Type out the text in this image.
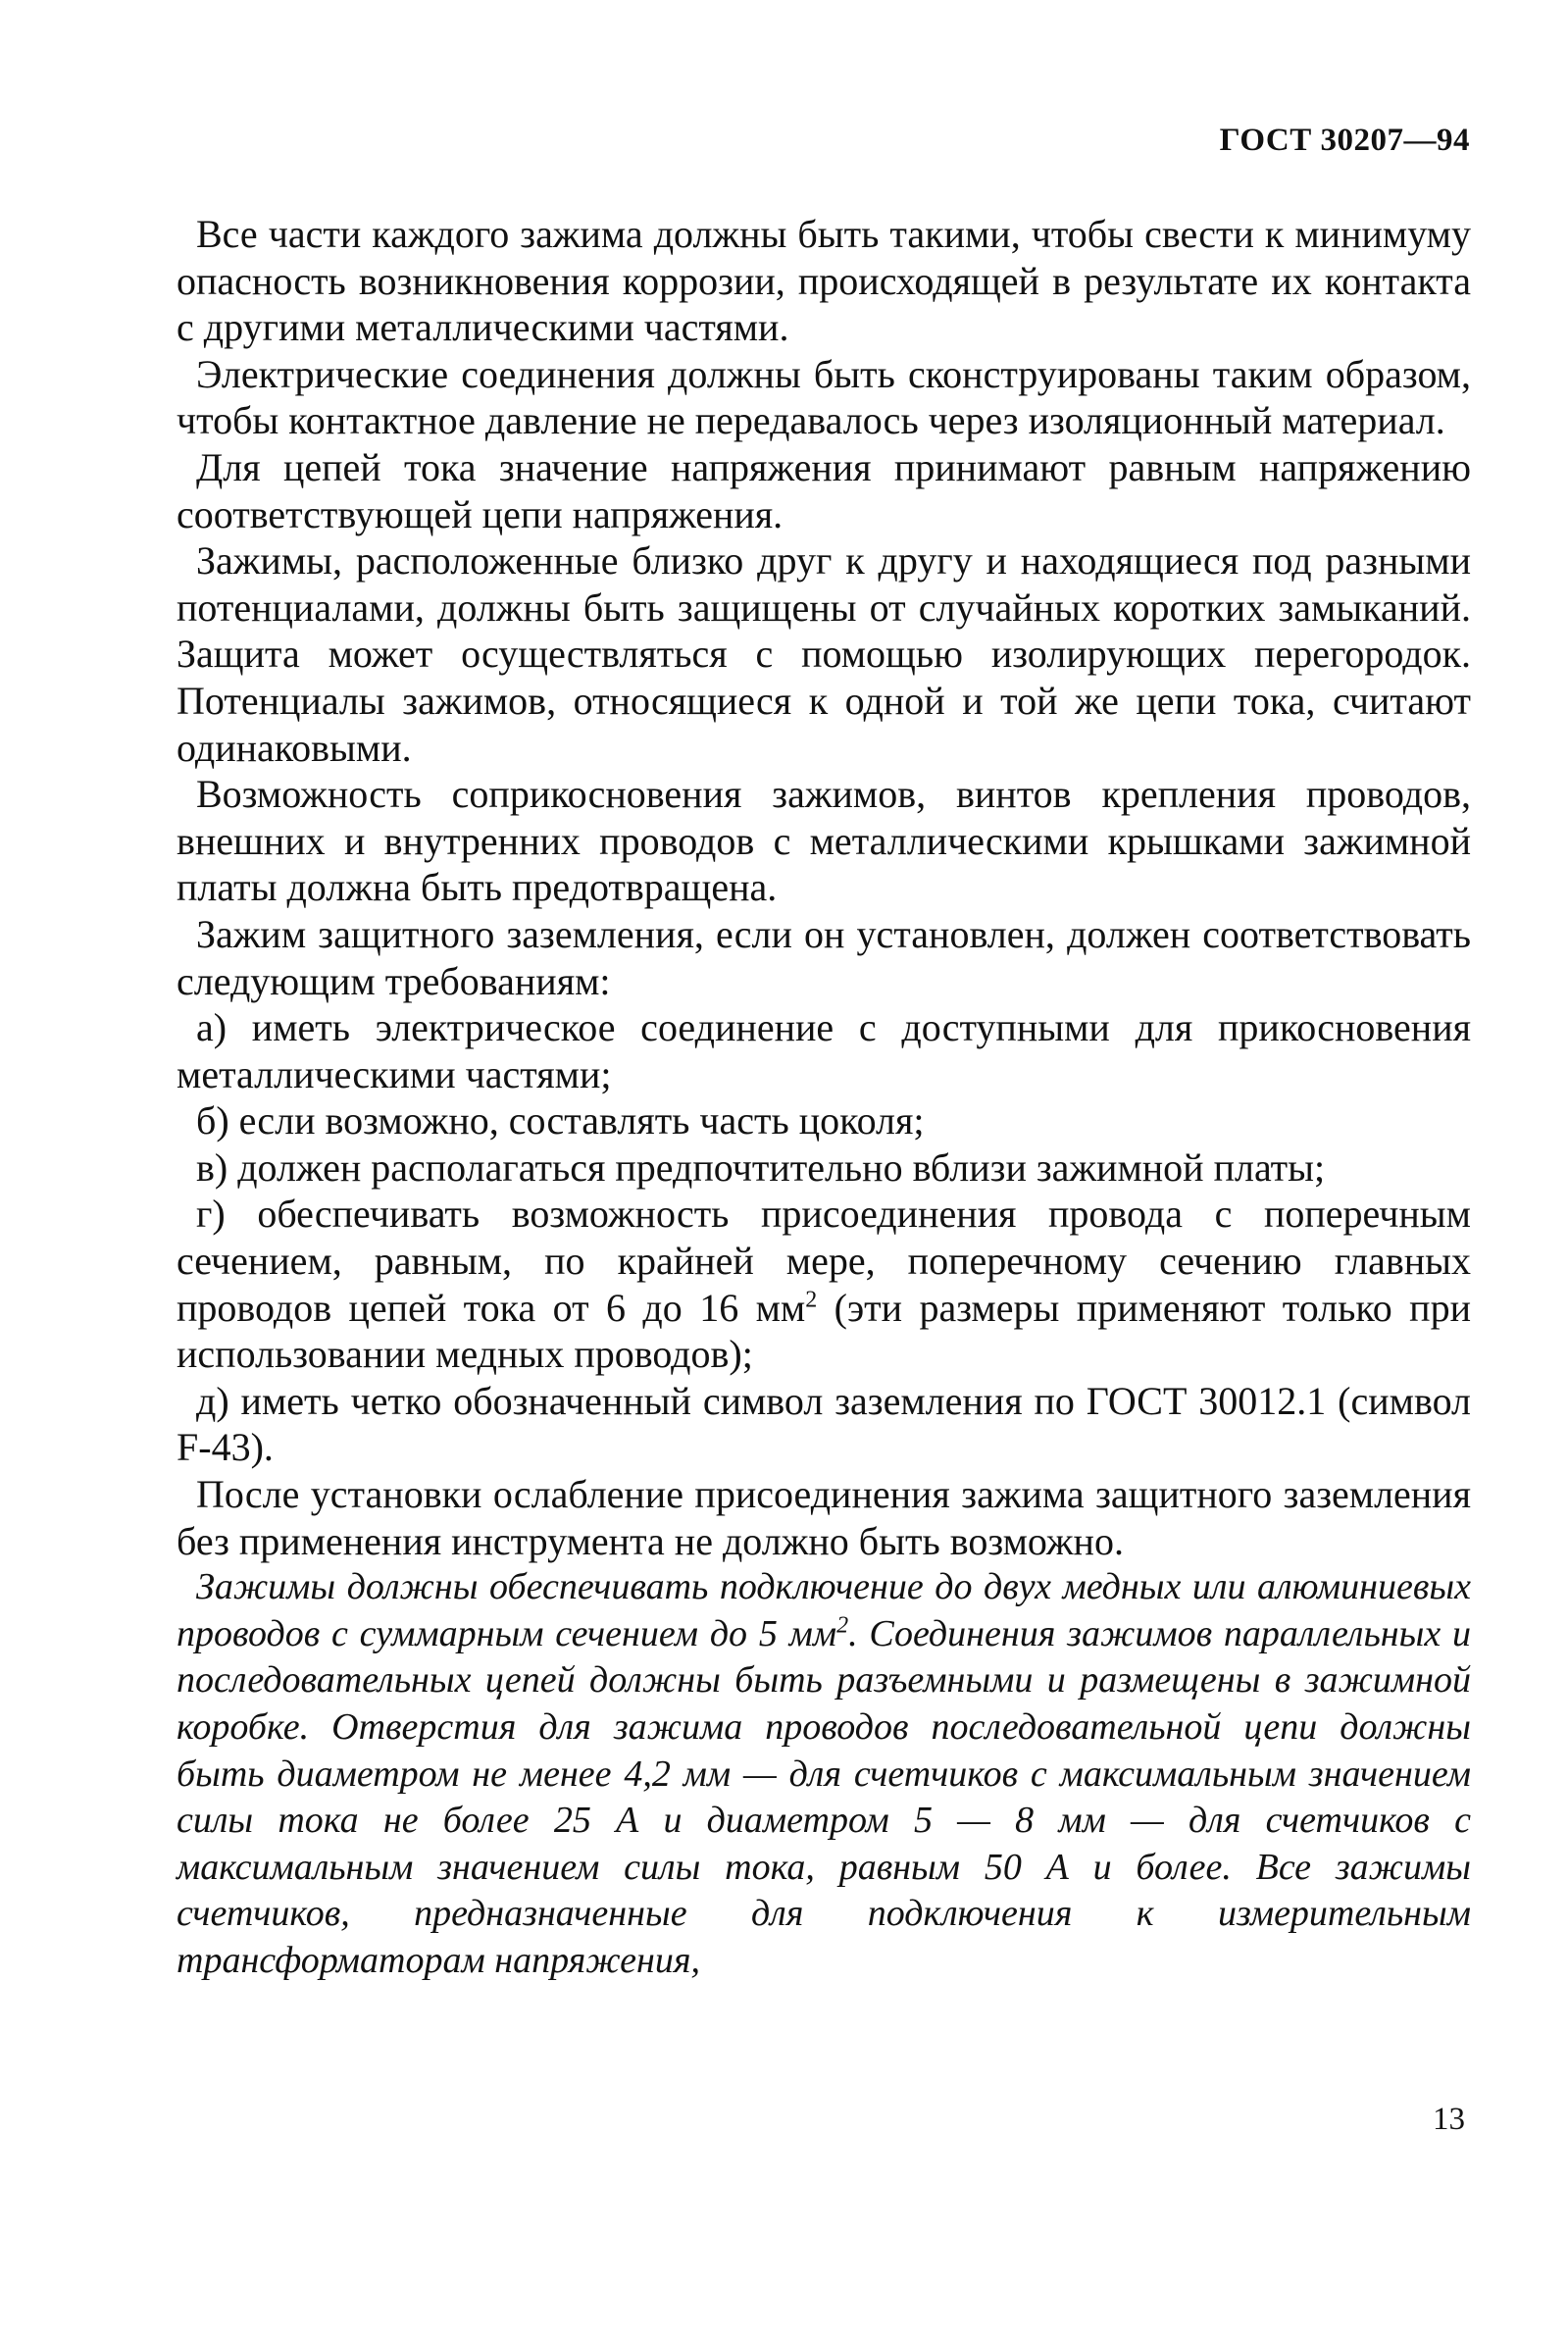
ГОСТ 30207—94

Все части каждого зажима должны быть такими, чтобы свести к минимуму опасность возникновения коррозии, происходящей в результате их контакта с другими металлическими частями.

Электрические соединения должны быть сконструированы таким образом, чтобы контактное давление не передавалось через изоляционный материал.

Для цепей тока значение напряжения принимают равным напряжению соответствующей цепи напряжения.

Зажимы, расположенные близко друг к другу и находящиеся под разными потенциалами, должны быть защищены от случайных коротких замыканий. Защита может осуществляться с помощью изолирующих перегородок. Потенциалы зажимов, относящиеся к одной и той же цепи тока, считают одинаковыми.

Возможность соприкосновения зажимов, винтов крепления проводов, внешних и внутренних проводов с металлическими крышками зажимной платы должна быть предотвращена.

Зажим защитного заземления, если он установлен, должен соответствовать следующим требованиям:

а) иметь электрическое соединение с доступными для прикосновения металлическими частями;

б) если возможно, составлять часть цоколя;

в) должен располагаться предпочтительно вблизи зажимной платы;

г) обеспечивать возможность присоединения провода с поперечным сечением, равным, по крайней мере, поперечному сечению главных проводов цепей тока от 6 до 16 $мм^2$ (эти размеры применяют только при использовании медных проводов);

д) иметь четко обозначенный символ заземления по ГОСТ 30012.1 (символ F-43).

После установки ослабление присоединения зажима защитного заземления без применения инструмента не должно быть возможно.

Зажимы должны обеспечивать подключение до двух медных или алюминиевых проводов с суммарным сечением до 5 $мм^2$. Соединения зажимов параллельных и последовательных цепей должны быть разъемными и размещены в зажимной коробке. Отверстия для зажима проводов последовательной цепи должны быть диаметром не менее 4,2 мм — для счетчиков с максимальным значением силы тока не более 25 А и диаметром 5 — 8 мм — для счетчиков с максимальным значением силы тока, равным 50 А и более. Все зажимы счетчиков, предназначенные для подключения к измерительным трансформаторам напряжения,

13
